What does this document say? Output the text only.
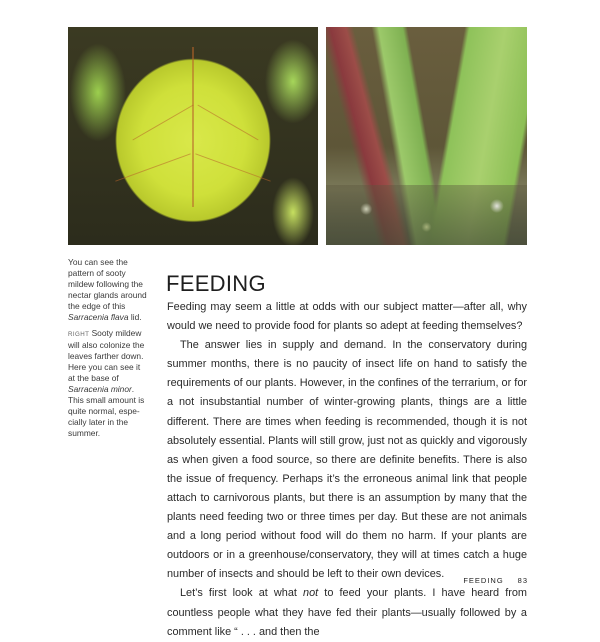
You can see the pattern of sooty mildew following the nectar glands around the edge of this Sarracenia flava lid.

RIGHT Sooty mildew will also colonize the leaves farther down. Here you can see it at the base of Sarracenia minor. This small amount is quite normal, espe-cially later in the summer.

FEEDING

Feeding may seem a little at odds with our subject matter—after all, why would we need to provide food for plants so adept at feeding themselves?

The answer lies in supply and demand. In the conservatory during summer months, there is no paucity of insect life on hand to satisfy the requirements of our plants. However, in the confines of the terrarium, or for a not insubstantial number of winter-growing plants, things are a little different. There are times when feeding is recommended, though it is not absolutely essential. Plants will still grow, just not as quickly and vigorously as when given a food source, so there are definite benefits. There is also the issue of frequency. Perhaps it’s the erroneous animal link that people attach to carnivorous plants, but there is an assumption by many that the plants need feeding two or three times per day. But these are not animals and a long period without food will do them no harm. If your plants are outdoors or in a greenhouse/conservatory, they will at times catch a huge number of insects and should be left to their own devices.

Let’s first look at what not to feed your plants. I have heard from countless people what they have fed their plants—usually followed by a comment like “ . . . and then the

FEEDING 83
